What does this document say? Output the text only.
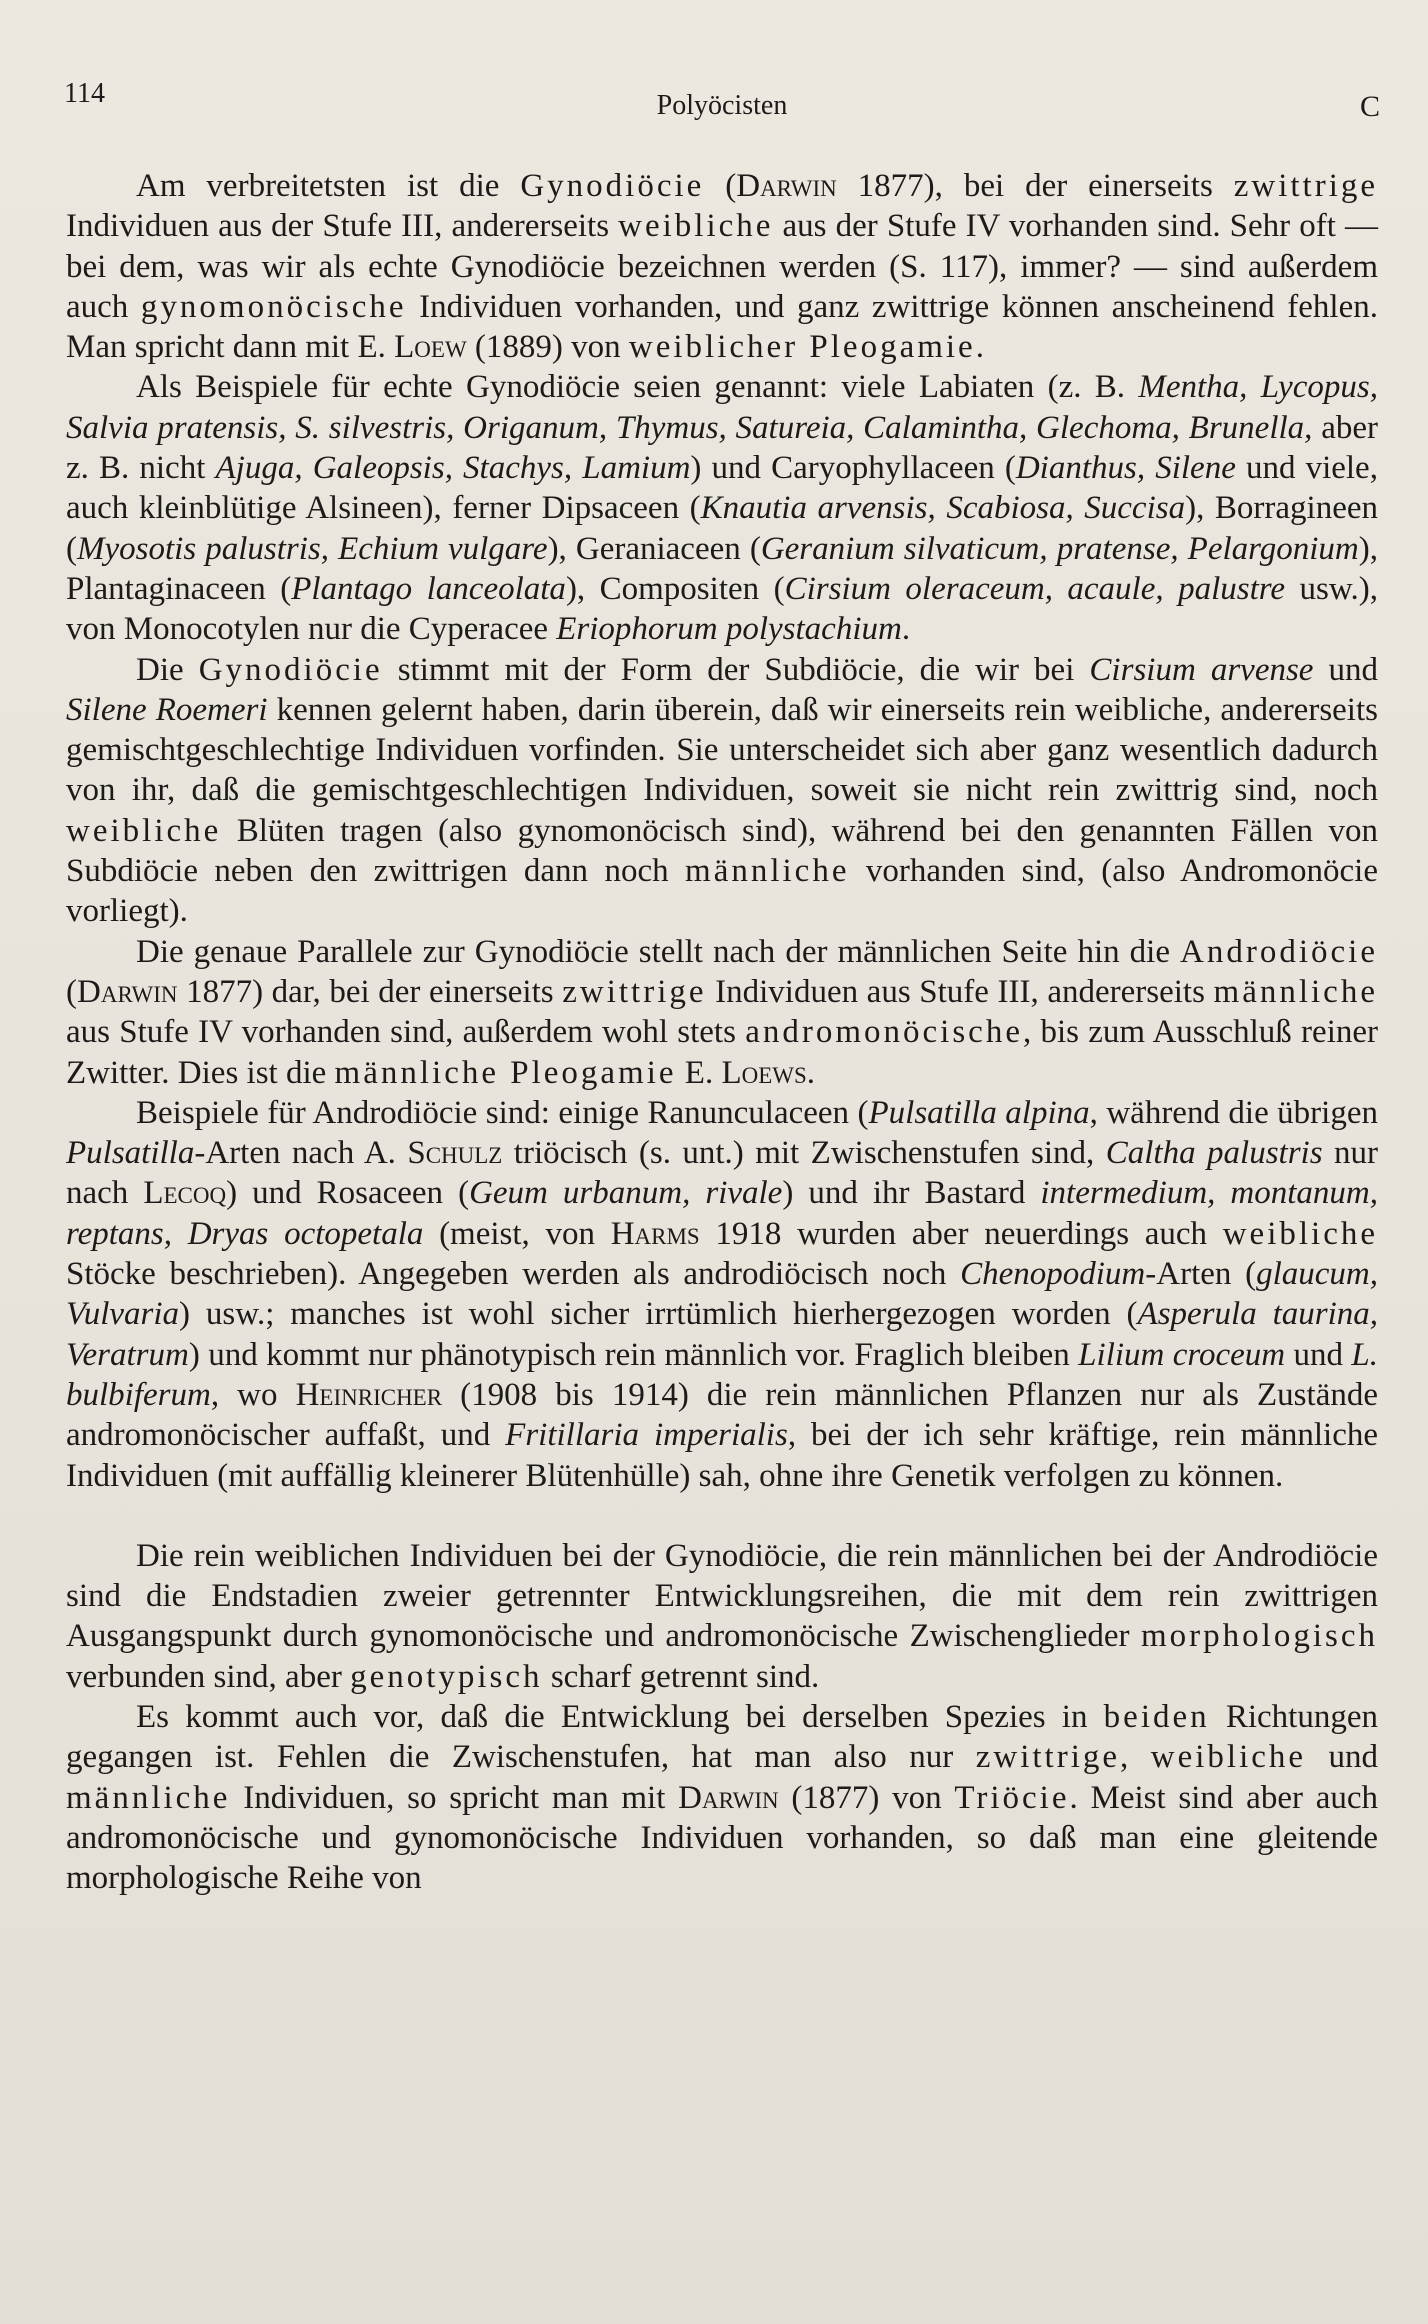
114	Polyöcisten	C

Am verbreitetsten ist die Gynodiöcie (Darwin 1877), bei der einerseits zwittrige Individuen aus der Stufe III, andererseits weibliche aus der Stufe IV vorhanden sind. Sehr oft — bei dem, was wir als echte Gynodiöcie bezeichnen werden (S. 117), immer? — sind außerdem auch gynomonöcische Individuen vorhanden, und ganz zwittrige können anscheinend fehlen. Man spricht dann mit E. Loew (1889) von weiblicher Pleogamie.

Als Beispiele für echte Gynodiöcie seien genannt: viele Labiaten (z. B. Mentha, Lycopus, Salvia pratensis, S. silvestris, Origanum, Thymus, Satureia, Calamintha, Glechoma, Brunella, aber z. B. nicht Ajuga, Galeopsis, Stachys, Lamium) und Caryophyllaceen (Dianthus, Silene und viele, auch kleinblütige Alsineen), ferner Dipsaceen (Knautia arvensis, Scabiosa, Succisa), Borragineen (Myosotis palustris, Echium vulgare), Geraniaceen (Geranium silvaticum, pratense, Pelargonium), Plantaginaceen (Plantago lanceolata), Compositen (Cirsium oleraceum, acaule, palustre usw.), von Monocotylen nur die Cyperacee Eriophorum polystachium.

Die Gynodiöcie stimmt mit der Form der Subdiöcie, die wir bei Cirsium arvense und Silene Roemeri kennen gelernt haben, darin überein, daß wir einerseits rein weibliche, andererseits gemischtgeschlechtige Individuen vorfinden. Sie unterscheidet sich aber ganz wesentlich dadurch von ihr, daß die gemischtgeschlechtigen Individuen, soweit sie nicht rein zwittrig sind, noch weibliche Blüten tragen (also gynomonöcisch sind), während bei den genannten Fällen von Subdiöcie neben den zwittrigen dann noch männliche vorhanden sind, (also Andromonöcie vorliegt).

Die genaue Parallele zur Gynodiöcie stellt nach der männlichen Seite hin die Androdiöcie (Darwin 1877) dar, bei der einerseits zwittrige Individuen aus Stufe III, andererseits männliche aus Stufe IV vorhanden sind, außerdem wohl stets andromonöcische, bis zum Ausschluß reiner Zwitter. Dies ist die männliche Pleogamie E. Loews.

Beispiele für Androdiöcie sind: einige Ranunculaceen (Pulsatilla alpina, während die übrigen Pulsatilla-Arten nach A. Schulz triöcisch (s. unt.) mit Zwischenstufen sind, Caltha palustris nur nach Lecoq) und Rosaceen (Geum urbanum, rivale) und ihr Bastard intermedium, montanum, reptans, Dryas octopetala (meist, von Harms 1918 wurden aber neuerdings auch weibliche Stöcke beschrieben). Angegeben werden als androdiöcisch noch Chenopodium-Arten (glaucum, Vulvaria) usw.; manches ist wohl sicher irrtümlich hierhergezogen worden (Asperula taurina, Veratrum) und kommt nur phänotypisch rein männlich vor. Fraglich bleiben Lilium croceum und L. bulbiferum, wo Heinricher (1908 bis 1914) die rein männlichen Pflanzen nur als Zustände andromonöcischer auffaßt, und Fritillaria imperialis, bei der ich sehr kräftige, rein männliche Individuen (mit auffällig kleinerer Blütenhülle) sah, ohne ihre Genetik verfolgen zu können.

Die rein weiblichen Individuen bei der Gynodiöcie, die rein männlichen bei der Androdiöcie sind die Endstadien zweier getrennter Entwicklungsreihen, die mit dem rein zwittrigen Ausgangspunkt durch gynomonöcische und andromonöcische Zwischenglieder morphologisch verbunden sind, aber genotypisch scharf getrennt sind.

Es kommt auch vor, daß die Entwicklung bei derselben Spezies in beiden Richtungen gegangen ist. Fehlen die Zwischenstufen, hat man also nur zwittrige, weibliche und männliche Individuen, so spricht man mit Darwin (1877) von Triöcie. Meist sind aber auch andromonöcische und gynomonöcische Individuen vorhanden, so daß man eine gleitende morphologische Reihe von
